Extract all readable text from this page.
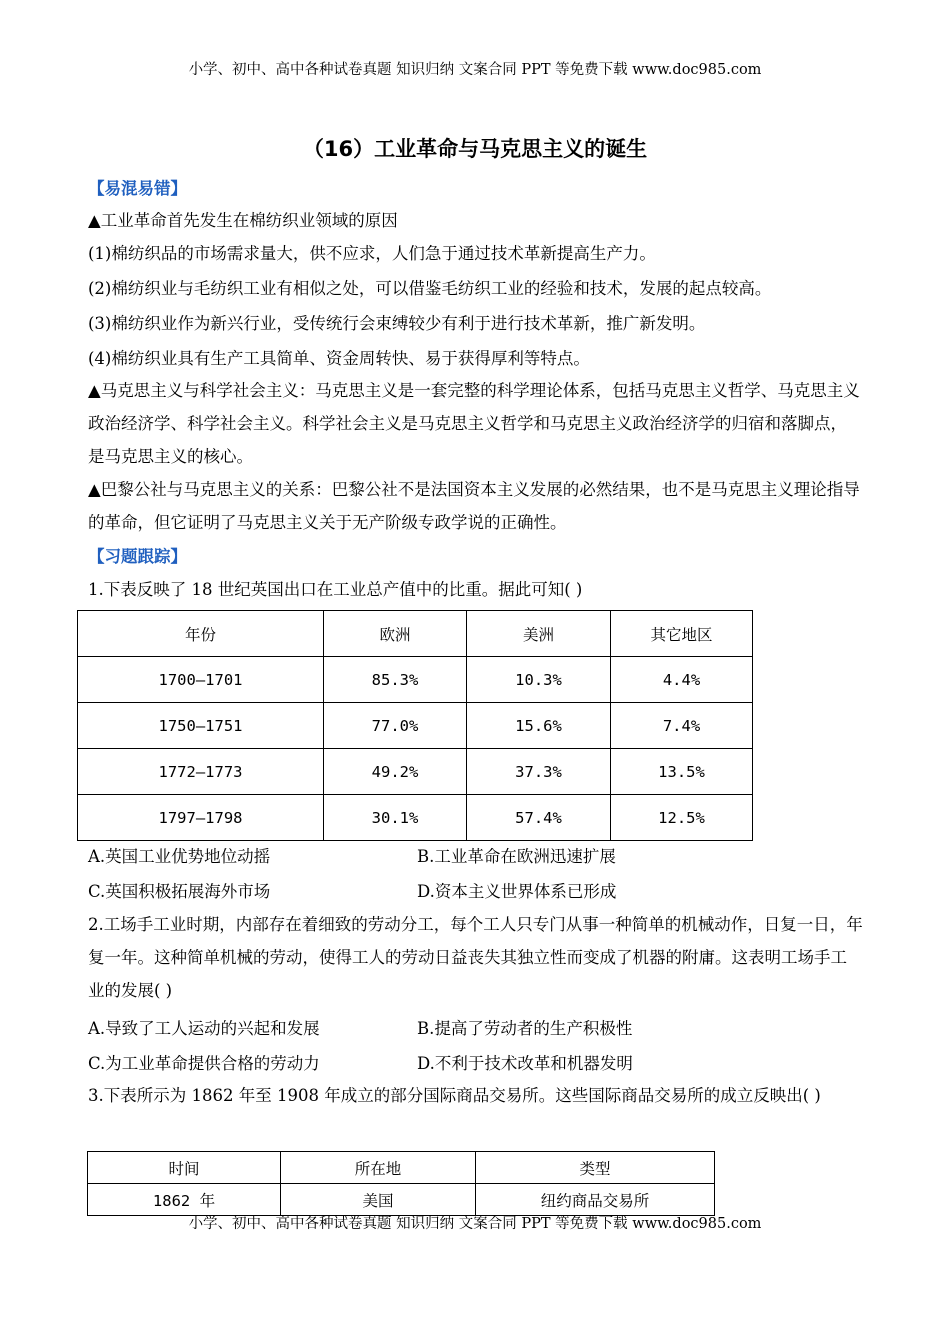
小学、初中、高中各种试卷真题 知识归纳 文案合同 PPT 等免费下载 www.doc985.com
（16）工业革命与马克思主义的诞生
【易混易错】
▲工业革命首先发生在棉纺织业领域的原因
(1)棉纺织品的市场需求量大，供不应求，人们急于通过技术革新提高生产力。
(2)棉纺织业与毛纺织工业有相似之处，可以借鉴毛纺织工业的经验和技术，发展的起点较高。
(3)棉纺织业作为新兴行业，受传统行会束缚较少有利于进行技术革新，推广新发明。
(4)棉纺织业具有生产工具简单、资金周转快、易于获得厚利等特点。
▲马克思主义与科学社会主义：马克思主义是一套完整的科学理论体系，包括马克思主义哲学、马克思主义政治经济学、科学社会主义。科学社会主义是马克思主义哲学和马克思主义政治经济学的归宿和落脚点，是马克思主义的核心。
▲巴黎公社与马克思主义的关系：巴黎公社不是法国资本主义发展的必然结果，也不是马克思主义理论指导的革命，但它证明了马克思主义关于无产阶级专政学说的正确性。
【习题跟踪】
1.下表反映了 18 世纪英国出口在工业总产值中的比重。据此可知( )
年份	欧洲	美洲	其它地区
1700—1701	85.3%	10.3%	4.4%
1750—1751	77.0%	15.6%	7.4%
1772—1773	49.2%	37.3%	13.5%
1797—1798	30.1%	57.4%	12.5%
A.英国工业优势地位动摇	B.工业革命在欧洲迅速扩展
C.英国积极拓展海外市场	D.资本主义世界体系已形成
2.工场手工业时期，内部存在着细致的劳动分工，每个工人只专门从事一种简单的机械动作，日复一日，年复一年。这种简单机械的劳动，使得工人的劳动日益丧失其独立性而变成了机器的附庸。这表明工场手工业的发展( )
A.导致了工人运动的兴起和发展	B.提高了劳动者的生产积极性
C.为工业革命提供合格的劳动力	D.不利于技术改革和机器发明
3.下表所示为 1862 年至 1908 年成立的部分国际商品交易所。这些国际商品交易所的成立反映出( )
时间	所在地	类型
1862 年	美国	纽约商品交易所
小学、初中、高中各种试卷真题 知识归纳 文案合同 PPT 等免费下载 www.doc985.com
